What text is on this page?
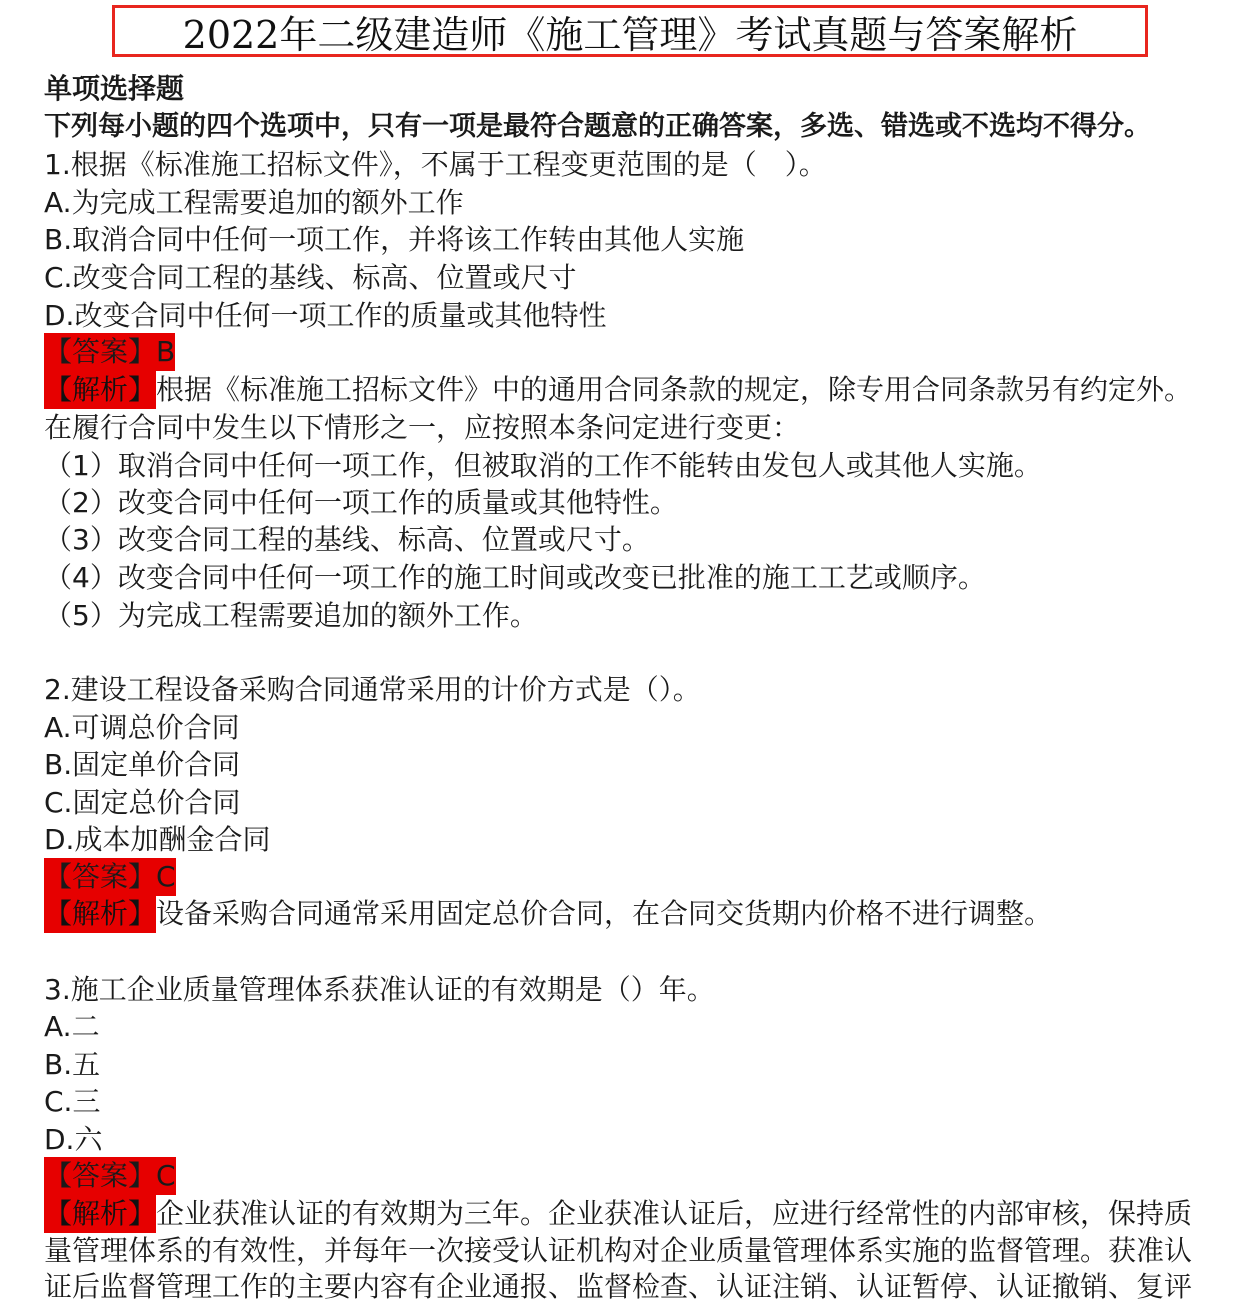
2022年二级建造师《施工管理》考试真题与答案解析
单项选择题
下列每小题的四个选项中，只有一项是最符合题意的正确答案，多选、错选或不选均不得分。
1.根据《标准施工招标文件》，不属于工程变更范围的是（　）。
A.为完成工程需要追加的额外工作
B.取消合同中任何一项工作，并将该工作转由其他人实施
C.改变合同工程的基线、标高、位置或尺寸
D.改变合同中任何一项工作的质量或其他特性
【答案】B
【解析】根据《标准施工招标文件》中的通用合同条款的规定，除专用合同条款另有约定外。
在履行合同中发生以下情形之一，应按照本条问定进行变更：
（1）取消合同中任何一项工作，但被取消的工作不能转由发包人或其他人实施。
（2）改变合同中任何一项工作的质量或其他特性。
（3）改变合同工程的基线、标高、位置或尺寸。
（4）改变合同中任何一项工作的施工时间或改变已批准的施工工艺或顺序。
（5）为完成工程需要追加的额外工作。
2.建设工程设备采购合同通常采用的计价方式是（）。
A.可调总价合同
B.固定单价合同
C.固定总价合同
D.成本加酬金合同
【答案】C
【解析】设备采购合同通常采用固定总价合同，在合同交货期内价格不进行调整。
3.施工企业质量管理体系获准认证的有效期是（）年。
A.二
B.五
C.三
D.六
【答案】C
【解析】企业获准认证的有效期为三年。企业获准认证后，应进行经常性的内部审核，保持质
量管理体系的有效性，并每年一次接受认证机构对企业质量管理体系实施的监督管理。获准认
证后监督管理工作的主要内容有企业通报、监督检查、认证注销、认证暂停、认证撤销、复评
